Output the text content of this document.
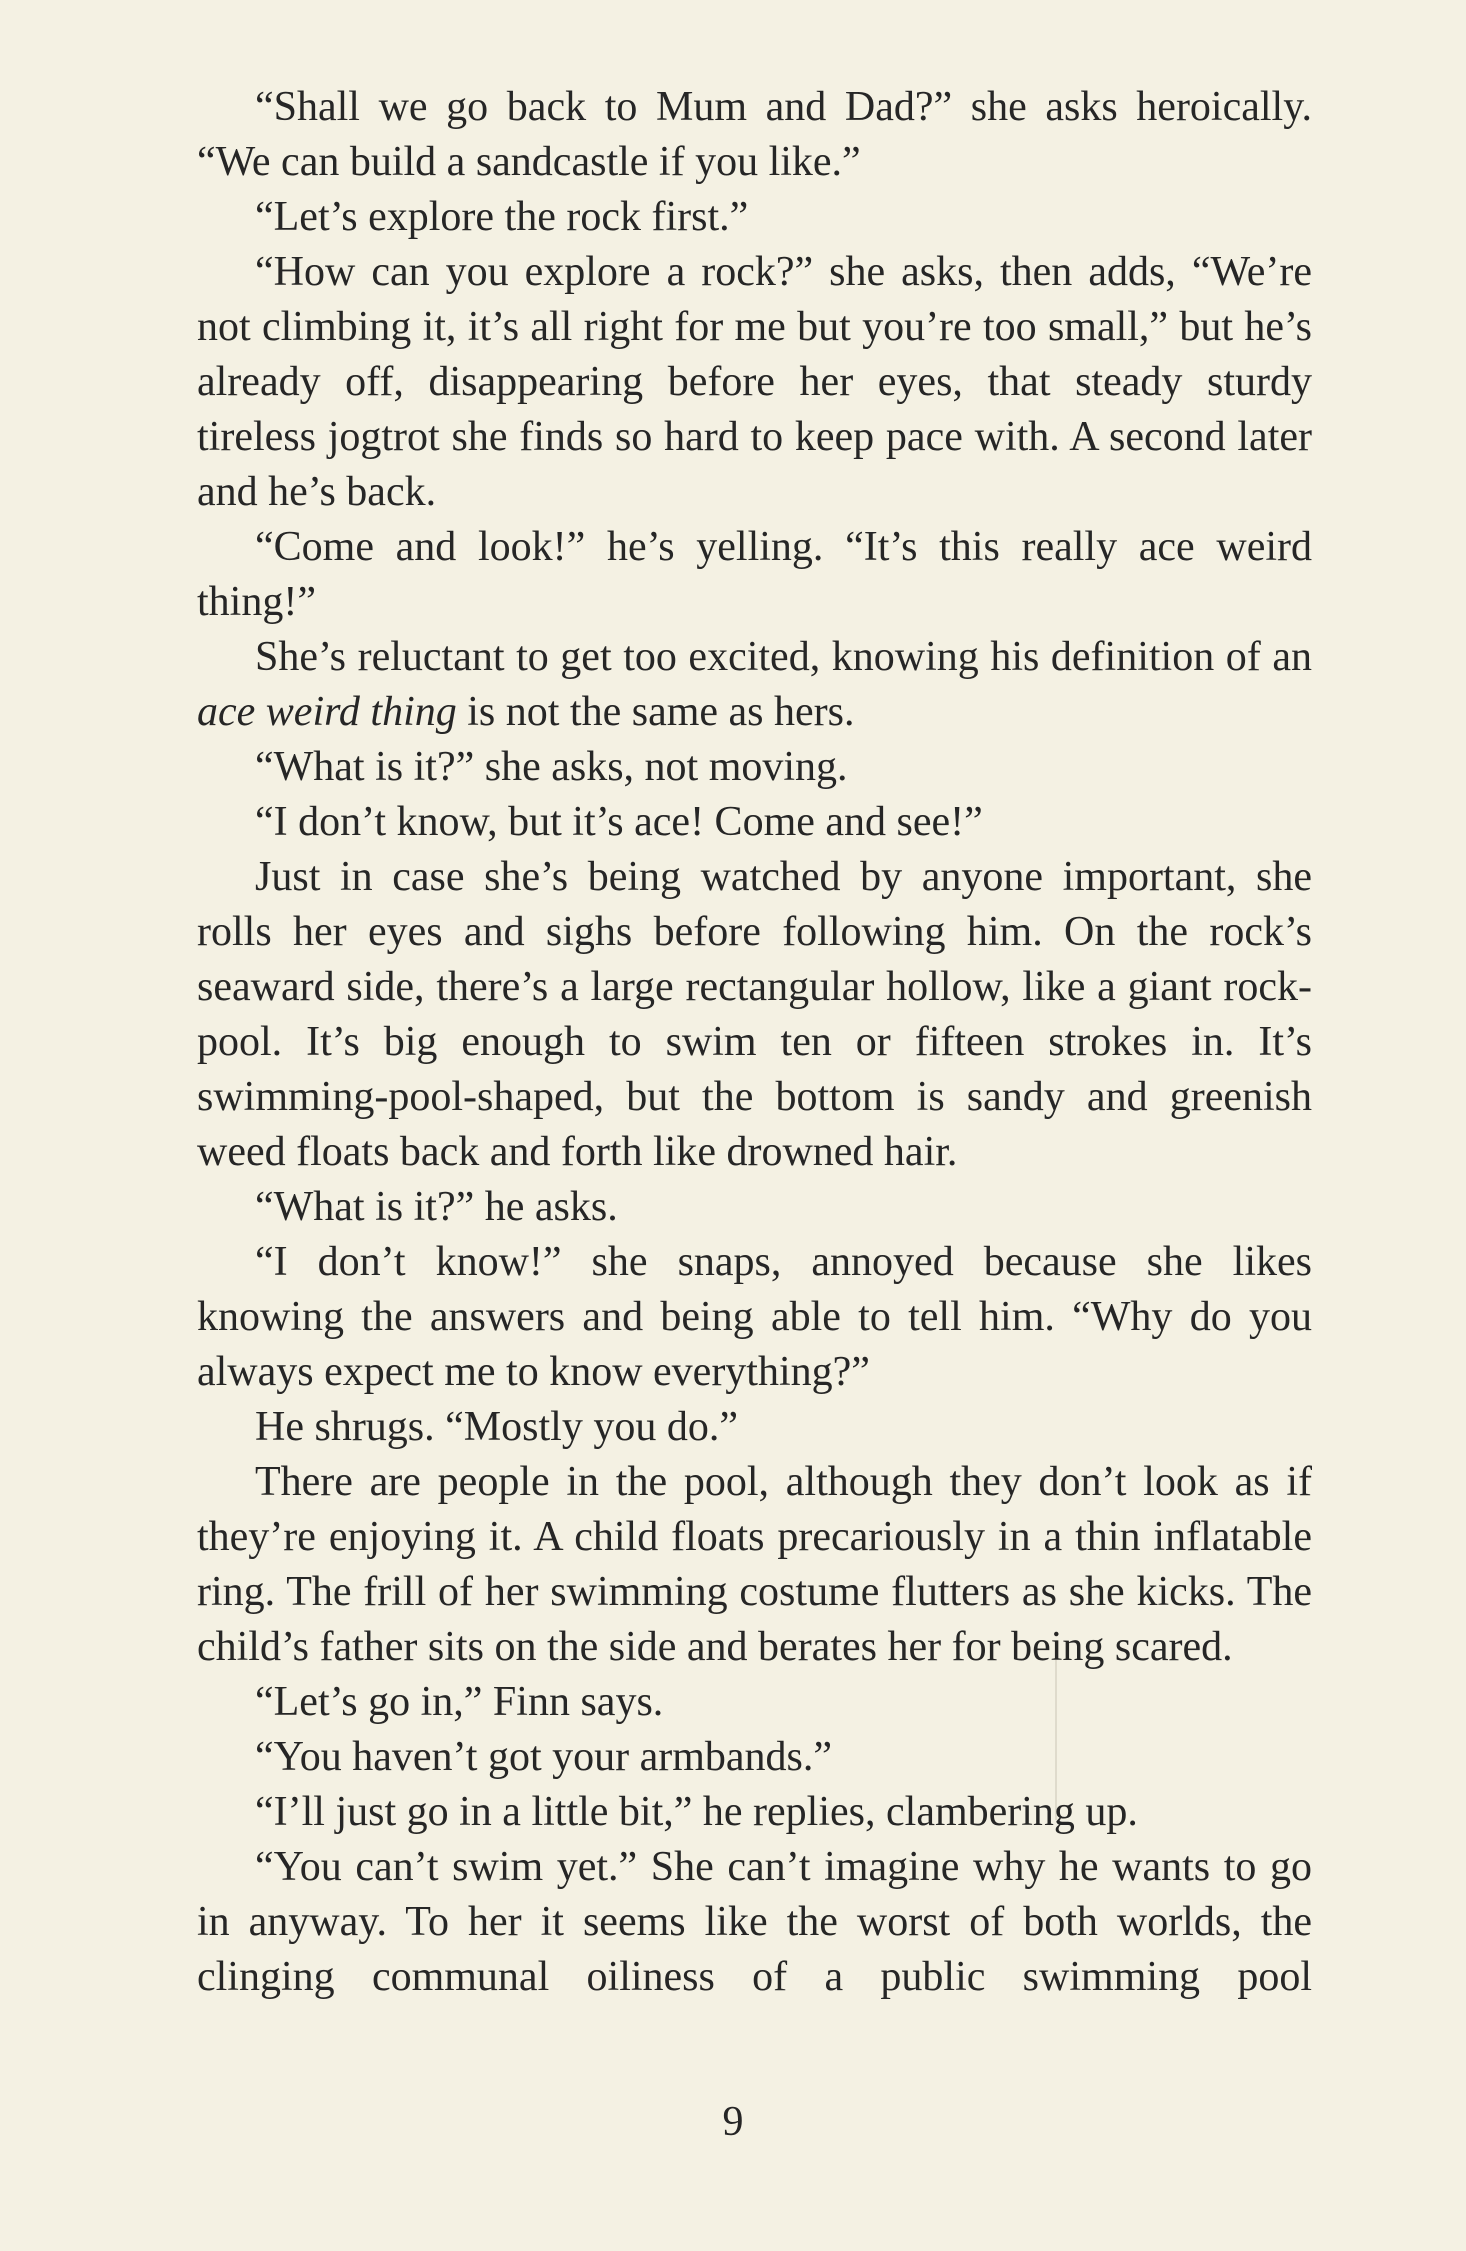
“Shall we go back to Mum and Dad?” she asks heroically. “We can build a sandcastle if you like.”

“Let’s explore the rock first.”

“How can you explore a rock?” she asks, then adds, “We’re not climbing it, it’s all right for me but you’re too small,” but he’s already off, disappearing before her eyes, that steady sturdy tireless jogtrot she finds so hard to keep pace with. A second later and he’s back.

“Come and look!” he’s yelling. “It’s this really ace weird thing!”

She’s reluctant to get too excited, knowing his definition of an ace weird thing is not the same as hers.

“What is it?” she asks, not moving.

“I don’t know, but it’s ace! Come and see!”

Just in case she’s being watched by anyone important, she rolls her eyes and sighs before following him. On the rock’s seaward side, there’s a large rectangular hollow, like a giant rock-pool. It’s big enough to swim ten or fifteen strokes in. It’s swimming-pool-shaped, but the bottom is sandy and greenish weed floats back and forth like drowned hair.

“What is it?” he asks.

“I don’t know!” she snaps, annoyed because she likes knowing the answers and being able to tell him. “Why do you always expect me to know everything?”

He shrugs. “Mostly you do.”

There are people in the pool, although they don’t look as if they’re enjoying it. A child floats precariously in a thin inflatable ring. The frill of her swimming costume flutters as she kicks. The child’s father sits on the side and berates her for being scared.

“Let’s go in,” Finn says.

“You haven’t got your armbands.”

“I’ll just go in a little bit,” he replies, clambering up.

“You can’t swim yet.” She can’t imagine why he wants to go in anyway. To her it seems like the worst of both worlds, the clinging communal oiliness of a public swimming pool

9
